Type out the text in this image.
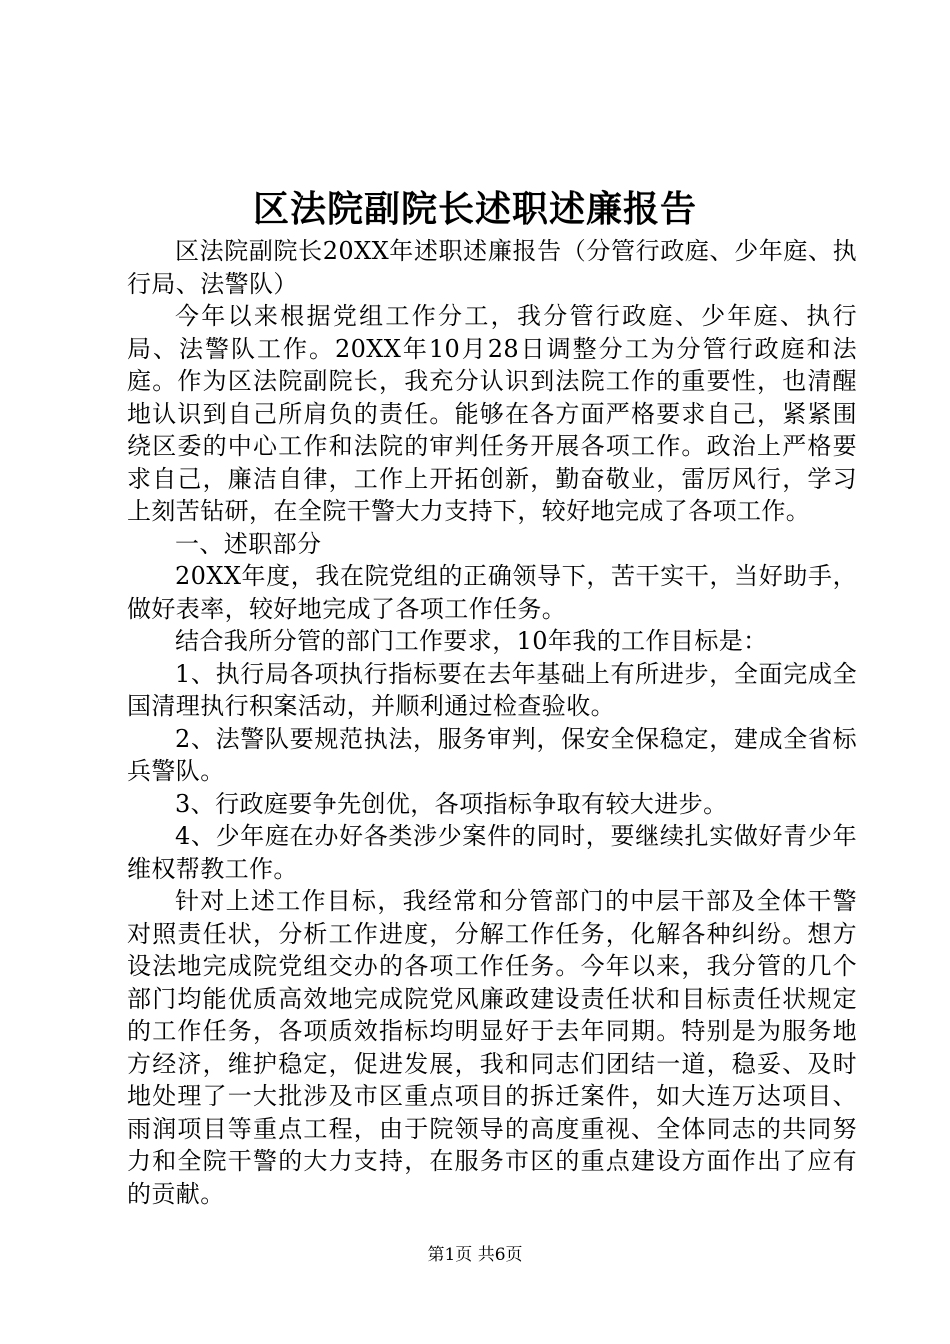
区法院副院长述职述廉报告

区法院副院长20XX年述职述廉报告（分管行政庭、少年庭、执行局、法警队）

今年以来根据党组工作分工，我分管行政庭、少年庭、执行局、法警队工作。20XX年10月28日调整分工为分管行政庭和法庭。作为区法院副院长，我充分认识到法院工作的重要性，也清醒地认识到自己所肩负的责任。能够在各方面严格要求自己，紧紧围绕区委的中心工作和法院的审判任务开展各项工作。政治上严格要求自己，廉洁自律，工作上开拓创新，勤奋敬业，雷厉风行，学习上刻苦钻研，在全院干警大力支持下，较好地完成了各项工作。

一、述职部分

20XX年度，我在院党组的正确领导下，苦干实干，当好助手，做好表率，较好地完成了各项工作任务。

结合我所分管的部门工作要求，10年我的工作目标是：

1、执行局各项执行指标要在去年基础上有所进步，全面完成全国清理执行积案活动，并顺利通过检查验收。

2、法警队要规范执法，服务审判，保安全保稳定，建成全省标兵警队。

3、行政庭要争先创优，各项指标争取有较大进步。

4、少年庭在办好各类涉少案件的同时，要继续扎实做好青少年维权帮教工作。

针对上述工作目标，我经常和分管部门的中层干部及全体干警对照责任状，分析工作进度，分解工作任务，化解各种纠纷。想方设法地完成院党组交办的各项工作任务。今年以来，我分管的几个部门均能优质高效地完成院党风廉政建设责任状和目标责任状规定的工作任务，各项质效指标均明显好于去年同期。特别是为服务地方经济，维护稳定，促进发展，我和同志们团结一道，稳妥、及时地处理了一大批涉及市区重点项目的拆迁案件，如大连万达项目、雨润项目等重点工程，由于院领导的高度重视、全体同志的共同努力和全院干警的大力支持，在服务市区的重点建设方面作出了应有的贡献。

第1页 共6页
